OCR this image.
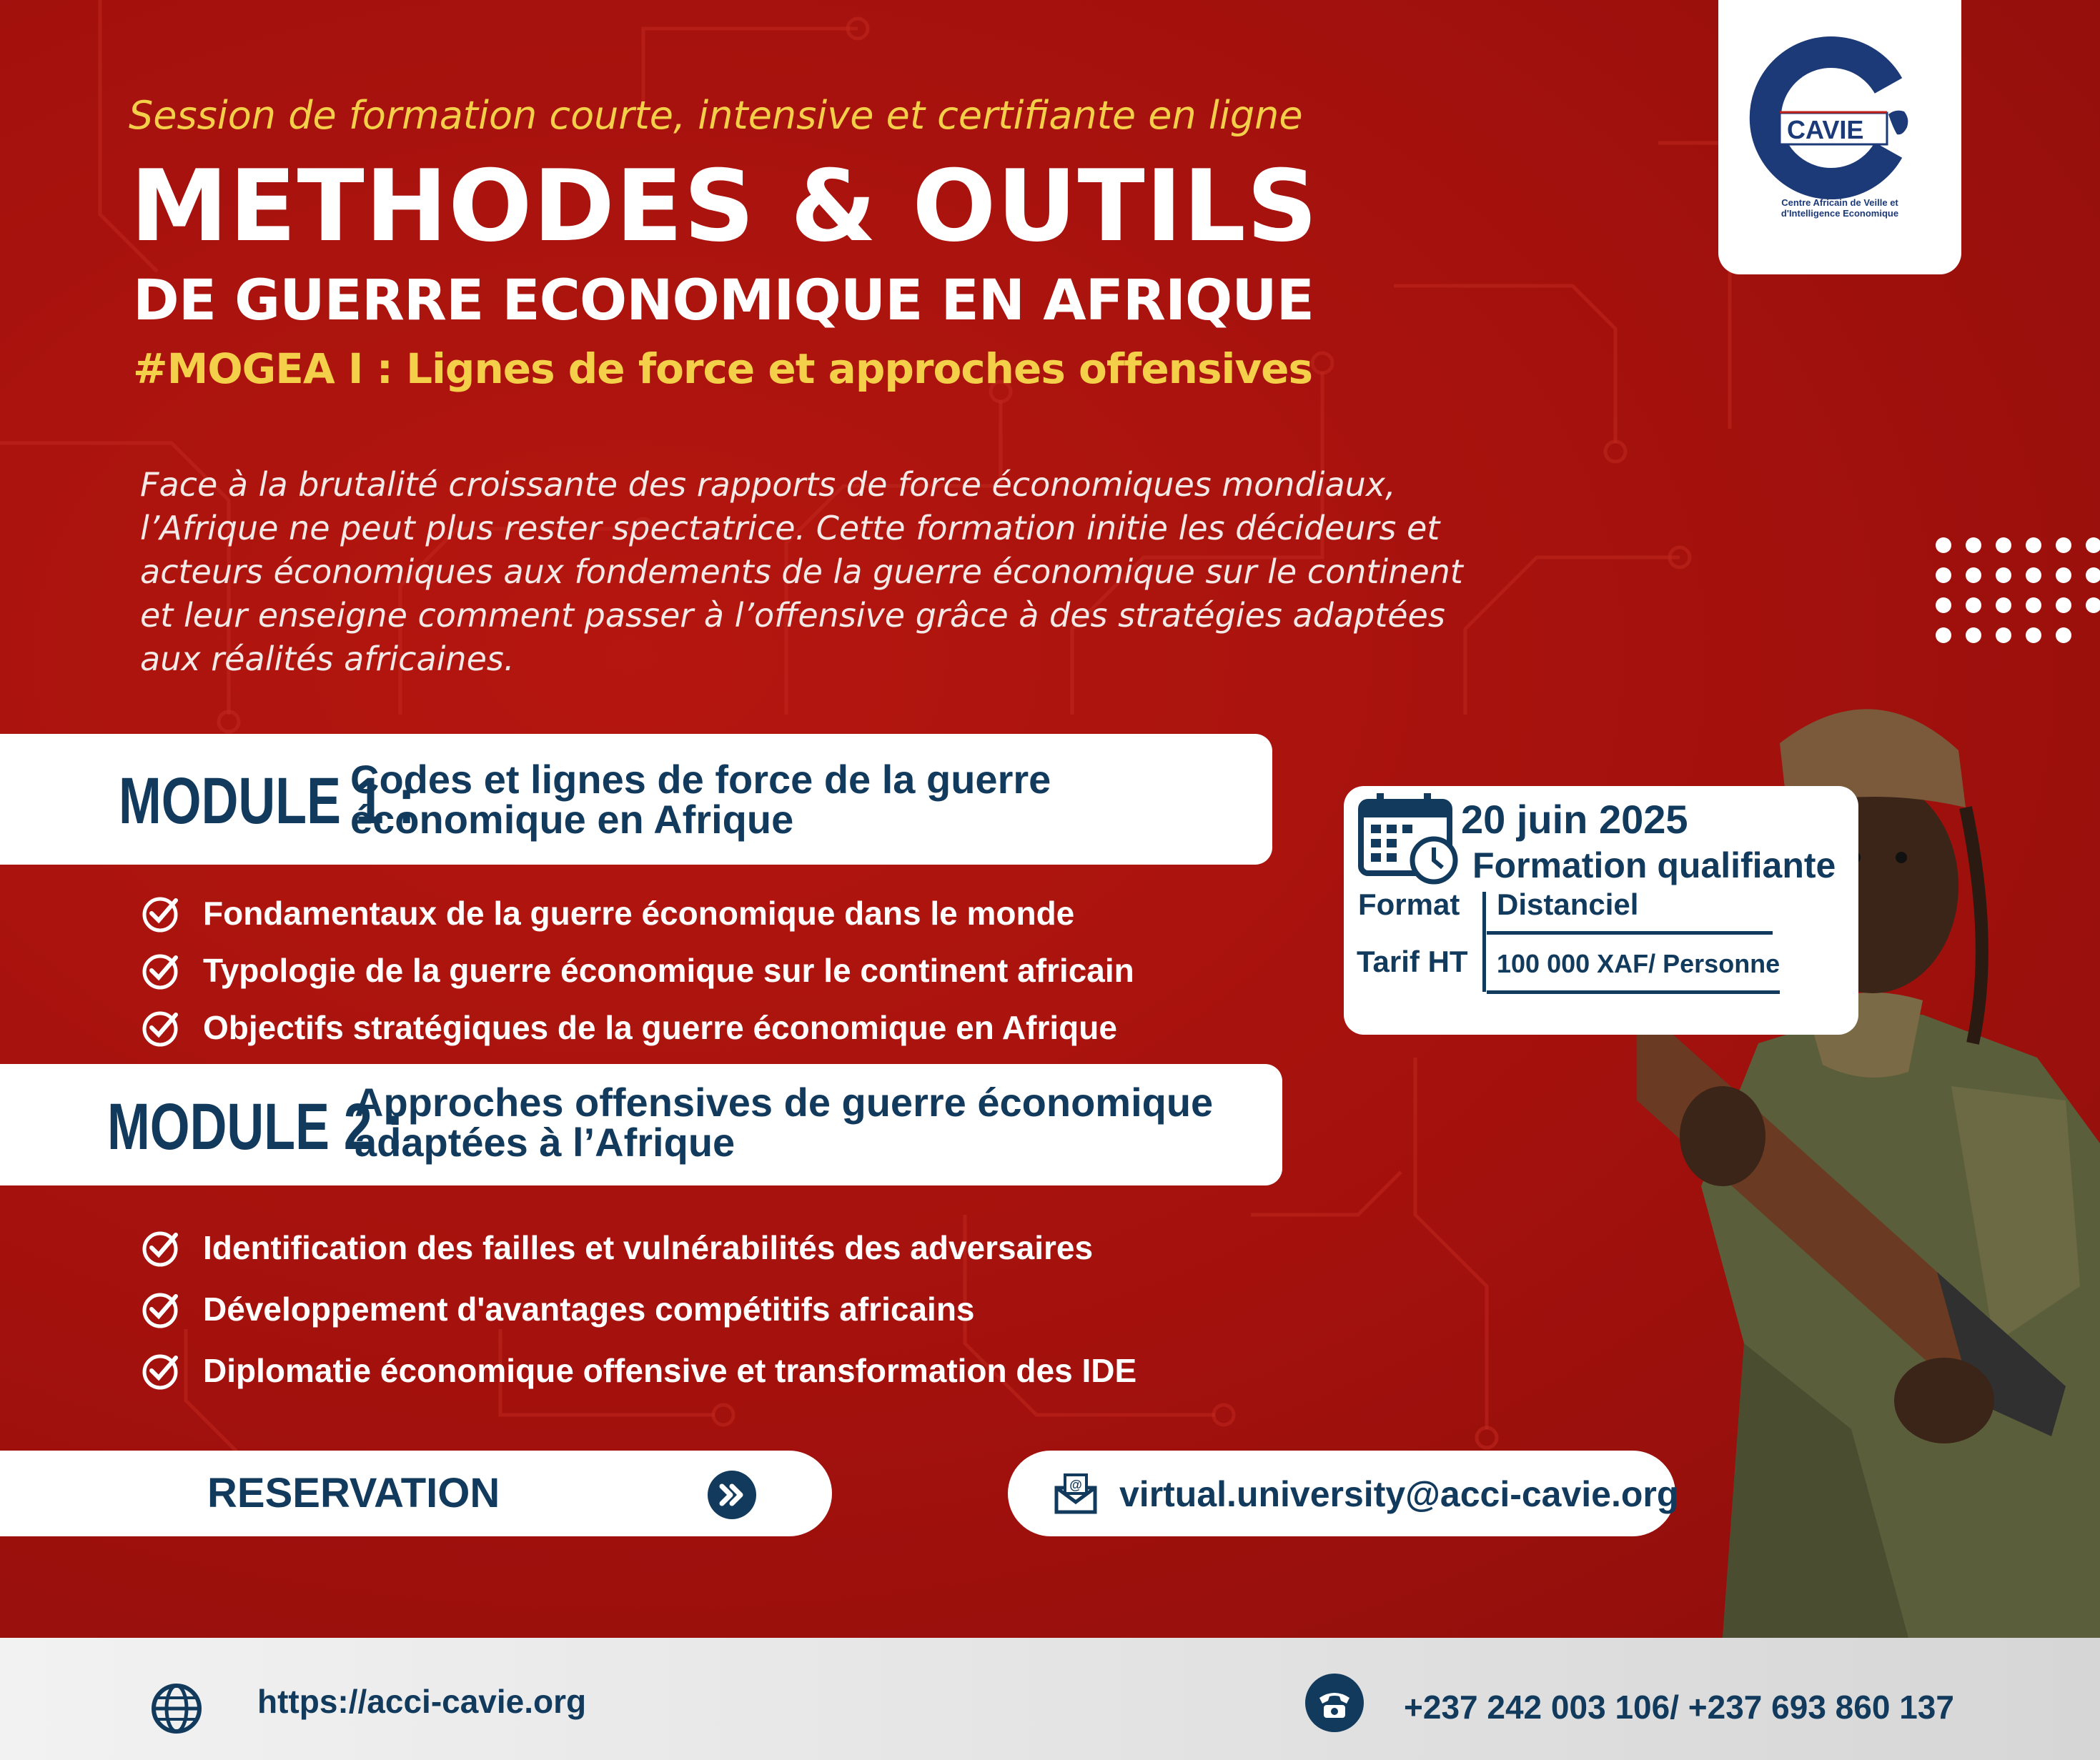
Session de formation courte, intensive et certifiante en ligne
METHODES & OUTILS
DE GUERRE ECONOMIQUE EN AFRIQUE
#MOGEA I : Lignes de force et approches offensives
CAVIE
Centre Africain de Veille et d'Intelligence Economique
Face à la brutalité croissante des rapports de force économiques mondiaux, l’Afrique ne peut plus rester spectatrice. Cette formation initie les décideurs et acteurs économiques aux fondements de la guerre économique sur le continent et leur enseigne comment passer à l’offensive grâce à des stratégies adaptées aux réalités africaines.
MODULE 1 :
Codes et lignes de force de la guerre
économique en Afrique
Fondamentaux de la guerre économique dans le monde
Typologie de la guerre économique sur le continent africain
Objectifs stratégiques de la guerre économique en Afrique
MODULE 2 :
Approches offensives de guerre économique
adaptées à l’Afrique
Identification des failles et vulnérabilités des adversaires
Développement d'avantages compétitifs africains
Diplomatie économique offensive et transformation des IDE
20 juin 2025
Formation qualifiante
Format Distanciel
Tarif HT 100 000 XAF/ Personne
RESERVATION	@ virtual.university@acci-cavie.org
https://acci-cavie.org	+237 242 003 106/ +237 693 860 137
